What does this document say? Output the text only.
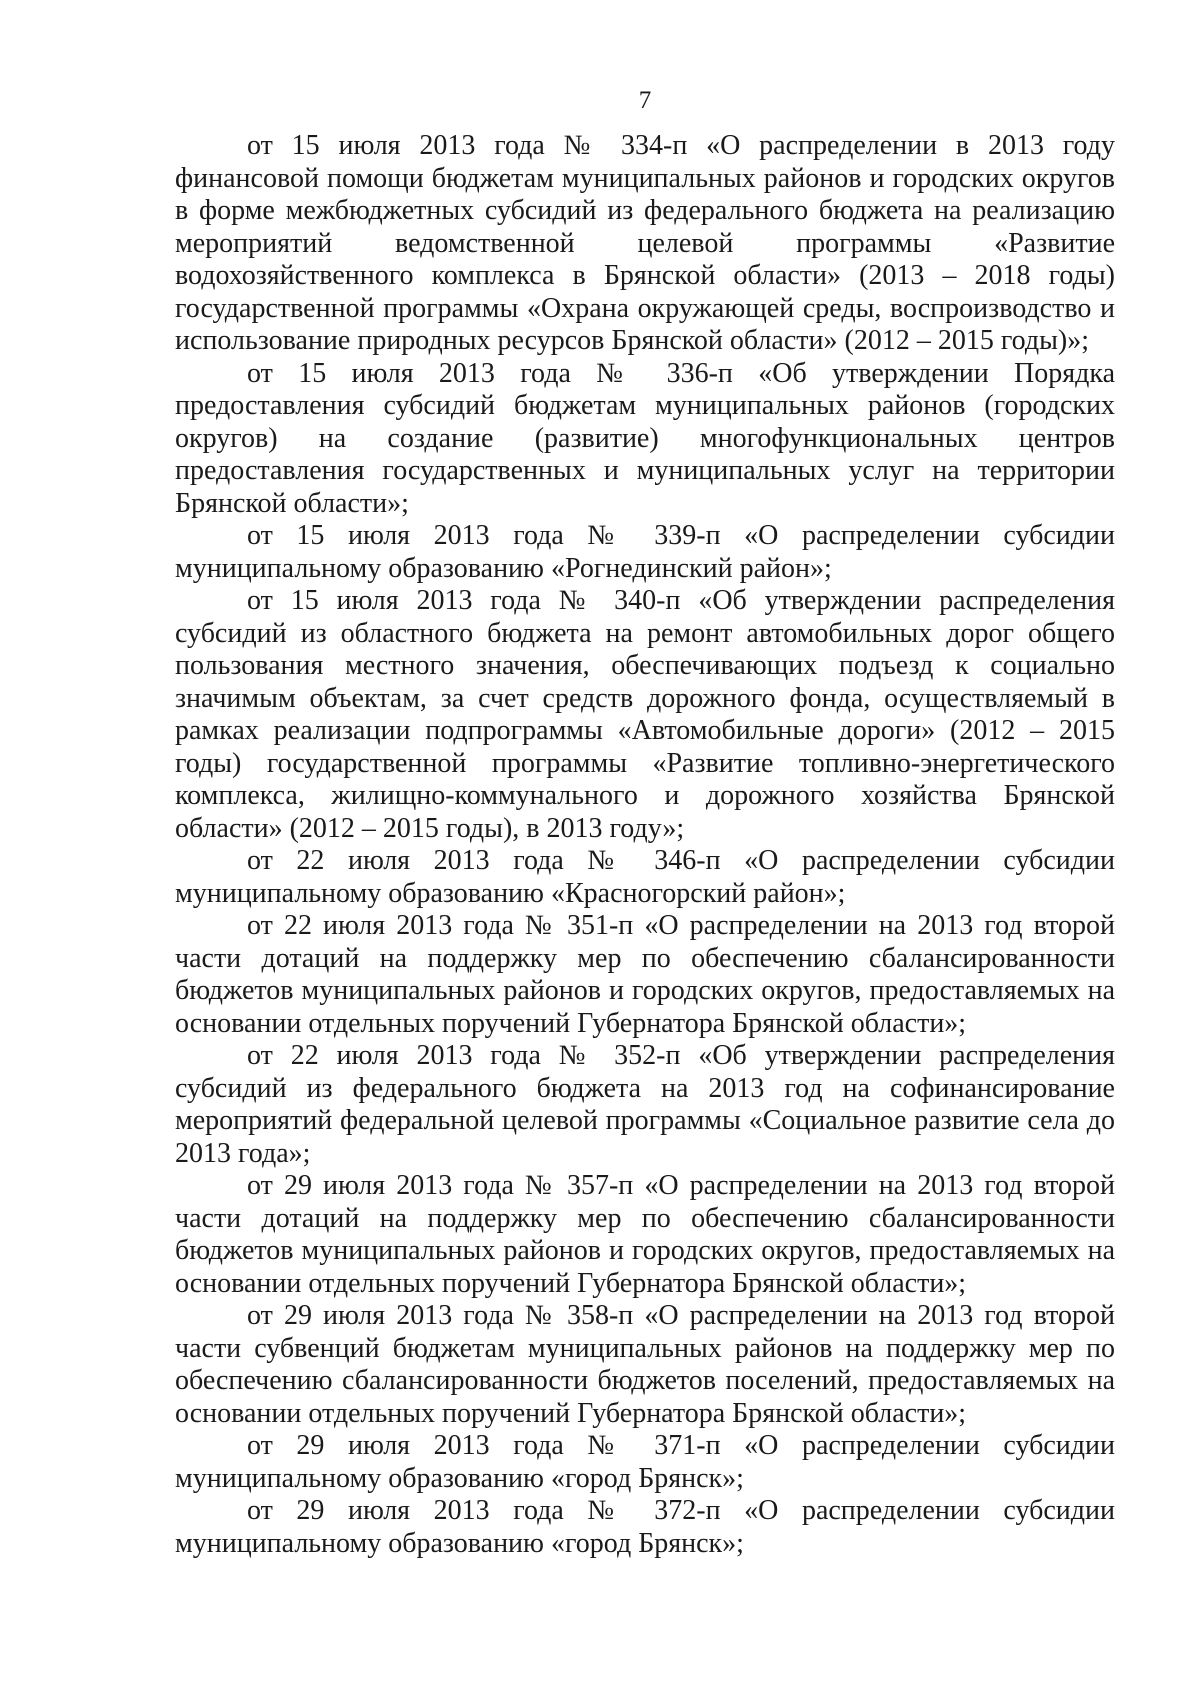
7

от 15 июля 2013 года № 334-п «О распределении в 2013 году финансовой помощи бюджетам муниципальных районов и городских округов в форме межбюджетных субсидий из федерального бюджета на реализацию мероприятий ведомственной целевой программы «Развитие водохозяйственного комплекса в Брянской области» (2013 – 2018 годы) государственной программы «Охрана окружающей среды, воспроизводство и использование природных ресурсов Брянской области» (2012 – 2015 годы)»;

от 15 июля 2013 года № 336-п «Об утверждении Порядка предоставления субсидий бюджетам муниципальных районов (городских округов) на создание (развитие) многофункциональных центров предоставления государственных и муниципальных услуг на территории Брянской области»;

от 15 июля 2013 года № 339-п «О распределении субсидии муниципальному образованию «Рогнединский район»;

от 15 июля 2013 года № 340-п «Об утверждении распределения субсидий из областного бюджета на ремонт автомобильных дорог общего пользования местного значения, обеспечивающих подъезд к социально значимым объектам, за счет средств дорожного фонда, осуществляемый в рамках реализации подпрограммы «Автомобильные дороги» (2012 – 2015 годы) государственной программы «Развитие топливно-энергетического комплекса, жилищно-коммунального и дорожного хозяйства Брянской области» (2012 – 2015 годы), в 2013 году»;

от 22 июля 2013 года № 346-п «О распределении субсидии муниципальному образованию «Красногорский район»;

от 22 июля 2013 года № 351-п «О распределении на 2013 год второй части дотаций на поддержку мер по обеспечению сбалансированности бюджетов муниципальных районов и городских округов, предоставляемых на основании отдельных поручений Губернатора Брянской области»;

от 22 июля 2013 года № 352-п «Об утверждении распределения субсидий из федерального бюджета на 2013 год на софинансирование мероприятий федеральной целевой программы «Социальное развитие села до 2013 года»;

от 29 июля 2013 года № 357-п «О распределении на 2013 год второй части дотаций на поддержку мер по обеспечению сбалансированности бюджетов муниципальных районов и городских округов, предоставляемых на основании отдельных поручений Губернатора Брянской области»;

от 29 июля 2013 года № 358-п «О распределении на 2013 год второй части субвенций бюджетам муниципальных районов на поддержку мер по обеспечению сбалансированности бюджетов поселений, предоставляемых на основании отдельных поручений Губернатора Брянской области»;

от 29 июля 2013 года № 371-п «О распределении субсидии муниципальному образованию «город Брянск»;

от 29 июля 2013 года № 372-п «О распределении субсидии муниципальному образованию «город Брянск»;
